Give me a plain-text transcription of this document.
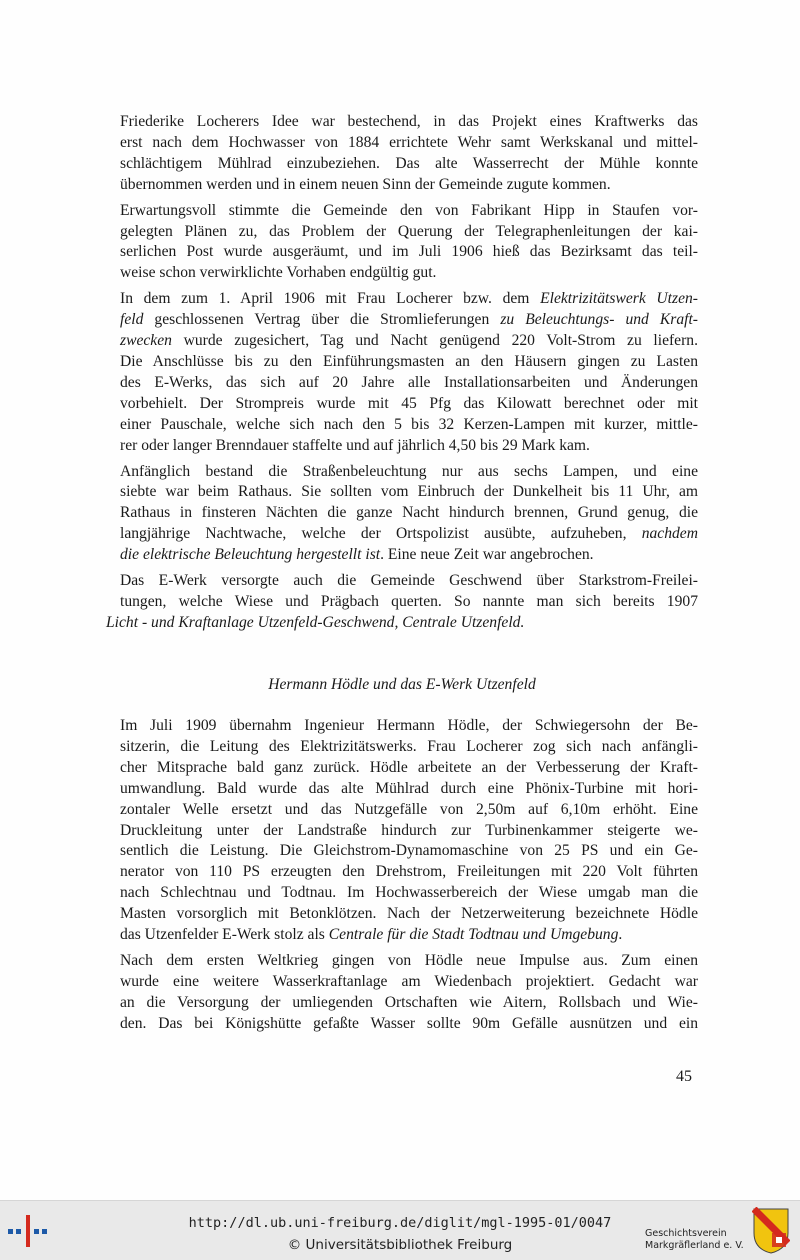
Friederike Locherers Idee war bestechend, in das Projekt eines Kraftwerks das
erst nach dem Hochwasser von 1884 errichtete Wehr samt Werkskanal und mittel-
schlächtigem Mühlrad einzubeziehen. Das alte Wasserrecht der Mühle konnte
übernommen werden und in einem neuen Sinn der Gemeinde zugute kommen.

Erwartungsvoll stimmte die Gemeinde den von Fabrikant Hipp in Staufen vor-
gelegten Plänen zu, das Problem der Querung der Telegraphenleitungen der kai-
serlichen Post wurde ausgeräumt, und im Juli 1906 hieß das Bezirksamt das teil-
weise schon verwirklichte Vorhaben endgültig gut.

In dem zum 1. April 1906 mit Frau Locherer bzw. dem Elektrizitätswerk Utzen-
feld geschlossenen Vertrag über die Stromlieferungen zu Beleuchtungs- und Kraft-
zwecken wurde zugesichert, Tag und Nacht genügend 220 Volt-Strom zu liefern.
Die Anschlüsse bis zu den Einführungsmasten an den Häusern gingen zu Lasten
des E-Werks, das sich auf 20 Jahre alle Installationsarbeiten und Änderungen
vorbehielt. Der Strompreis wurde mit 45 Pfg das Kilowatt berechnet oder mit
einer Pauschale, welche sich nach den 5 bis 32 Kerzen-Lampen mit kurzer, mittle-
rer oder langer Brenndauer staffelte und auf jährlich 4,50 bis 29 Mark kam.

Anfänglich bestand die Straßenbeleuchtung nur aus sechs Lampen, und eine
siebte war beim Rathaus. Sie sollten vom Einbruch der Dunkelheit bis 11 Uhr, am
Rathaus in finsteren Nächten die ganze Nacht hindurch brennen, Grund genug, die
langjährige Nachtwache, welche der Ortspolizist ausübte, aufzuheben, nachdem
die elektrische Beleuchtung hergestellt ist. Eine neue Zeit war angebrochen.

Das E-Werk versorgte auch die Gemeinde Geschwend über Starkstrom-Freilei-
tungen, welche Wiese und Prägbach querten. So nannte man sich bereits 1907
Licht - und Kraftanlage Utzenfeld-Geschwend, Centrale Utzenfeld.

Hermann Hödle und das E-Werk Utzenfeld

Im Juli 1909 übernahm Ingenieur Hermann Hödle, der Schwiegersohn der Be-
sitzerin, die Leitung des Elektrizitätswerks. Frau Locherer zog sich nach anfängli-
cher Mitsprache bald ganz zurück. Hödle arbeitete an der Verbesserung der Kraft-
umwandlung. Bald wurde das alte Mühlrad durch eine Phönix-Turbine mit hori-
zontaler Welle ersetzt und das Nutzgefälle von 2,50m auf 6,10m erhöht. Eine
Druckleitung unter der Landstraße hindurch zur Turbinenkammer steigerte we-
sentlich die Leistung. Die Gleichstrom-Dynamomaschine von 25 PS und ein Ge-
nerator von 110 PS erzeugten den Drehstrom, Freileitungen mit 220 Volt führten
nach Schlechtnau und Todtnau. Im Hochwasserbereich der Wiese umgab man die
Masten vorsorglich mit Betonklötzen. Nach der Netzerweiterung bezeichnete Hödle
das Utzenfelder E-Werk stolz als Centrale für die Stadt Todtnau und Umgebung.

Nach dem ersten Weltkrieg gingen von Hödle neue Impulse aus. Zum einen
wurde eine weitere Wasserkraftanlage am Wiedenbach projektiert. Gedacht war
an die Versorgung der umliegenden Ortschaften wie Aitern, Rollsbach und Wie-
den. Das bei Königshütte gefaßte Wasser sollte 90m Gefälle ausnützen und ein

45
http://dl.ub.uni-freiburg.de/diglit/mgl-1995-01/0047
© Universitätsbibliothek Freiburg
Geschichtsverein
Markgräflerland e. V.
